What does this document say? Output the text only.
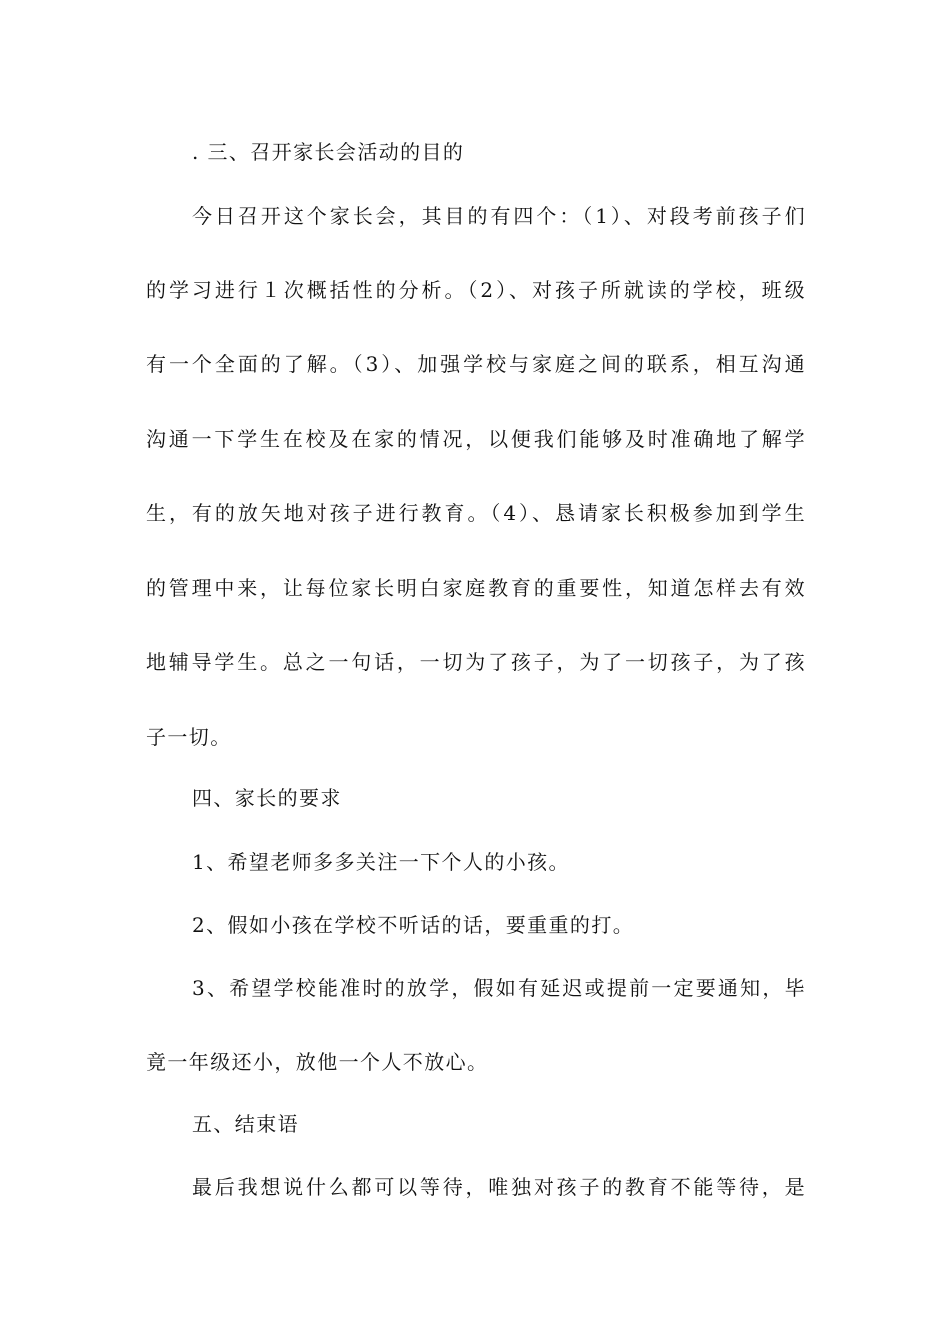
. 三、召开家长会活动的目的
今日召开这个家长会，其目的有四个：（1）、对段考前孩子们
的学习进行１次概括性的分析。（2）、对孩子所就读的学校，班级
有一个全面的了解。（3）、加强学校与家庭之间的联系，相互沟通
沟通一下学生在校及在家的情况，以便我们能够及时准确地了解学
生，有的放矢地对孩子进行教育。（4）、恳请家长积极参加到学生
的管理中来，让每位家长明白家庭教育的重要性，知道怎样去有效
地辅导学生。总之一句话，一切为了孩子，为了一切孩子，为了孩
子一切。
四、家长的要求
1、希望老师多多关注一下个人的小孩。
2、假如小孩在学校不听话的话，要重重的打。
3、希望学校能准时的放学，假如有延迟或提前一定要通知，毕
竟一年级还小，放他一个人不放心。
五、结束语
最后我想说什么都可以等待，唯独对孩子的教育不能等待，是
